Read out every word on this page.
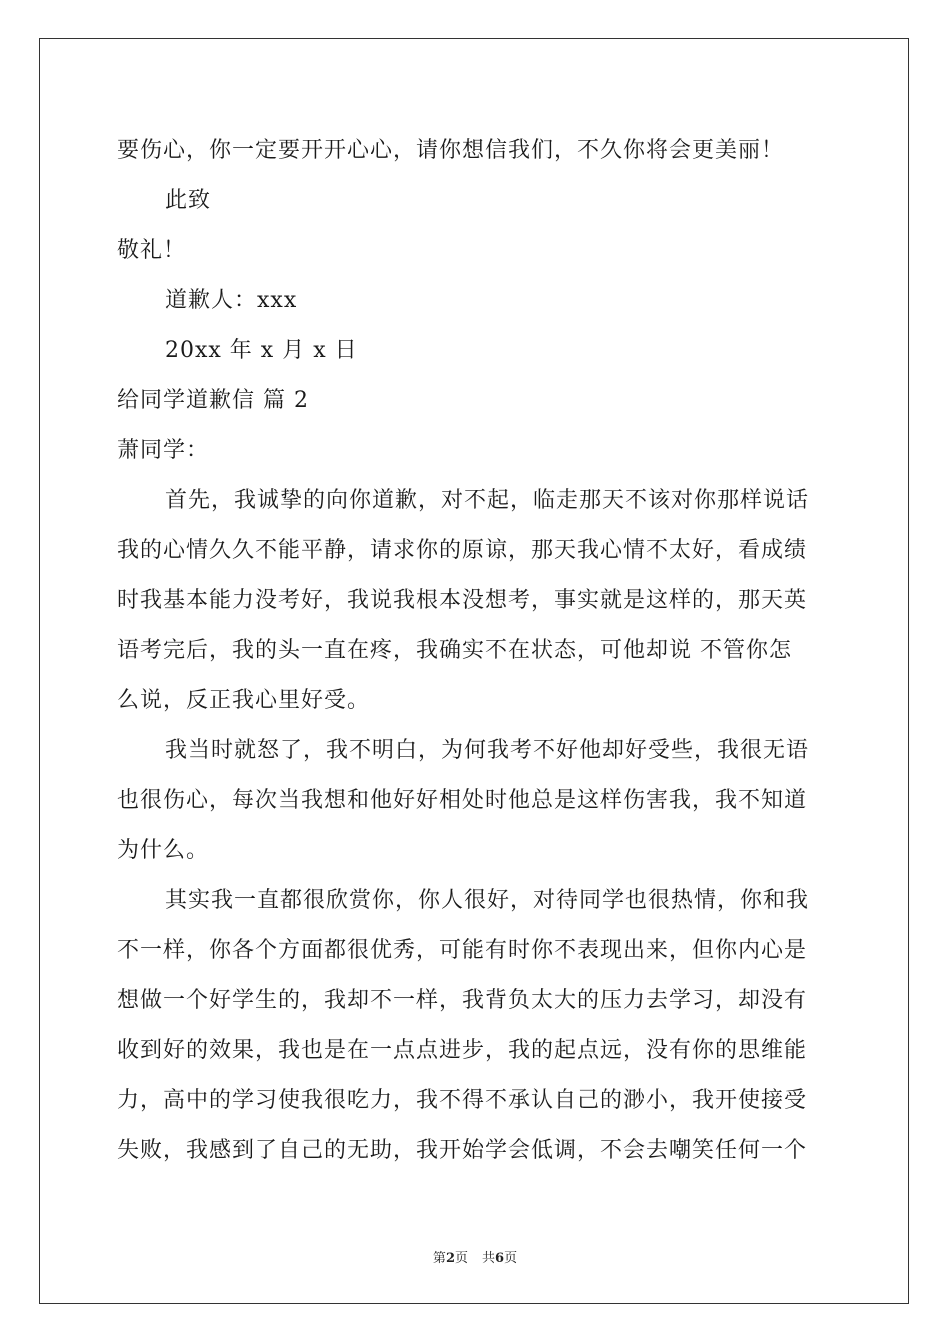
要伤心，你一定要开开心心，请你想信我们，不久你将会更美丽！
此致
敬礼！
道歉人：xxx
20xx 年 x 月 x 日
给同学道歉信 篇 2
萧同学：
首先，我诚挚的向你道歉，对不起，临走那天不该对你那样说话
我的心情久久不能平静，请求你的原谅，那天我心情不太好，看成绩
时我基本能力没考好，我说我根本没想考，事实就是这样的，那天英
语考完后，我的头一直在疼，我确实不在状态，可他却说 不管你怎
么说，反正我心里好受。
我当时就怒了，我不明白，为何我考不好他却好受些，我很无语
也很伤心，每次当我想和他好好相处时他总是这样伤害我，我不知道
为什么。
其实我一直都很欣赏你，你人很好，对待同学也很热情，你和我
不一样，你各个方面都很优秀，可能有时你不表现出来，但你内心是
想做一个好学生的，我却不一样，我背负太大的压力去学习，却没有
收到好的效果，我也是在一点点进步，我的起点远，没有你的思维能
力，高中的学习使我很吃力，我不得不承认自己的渺小，我开使接受
失败，我感到了自己的无助，我开始学会低调，不会去嘲笑任何一个
第2页 共6页
